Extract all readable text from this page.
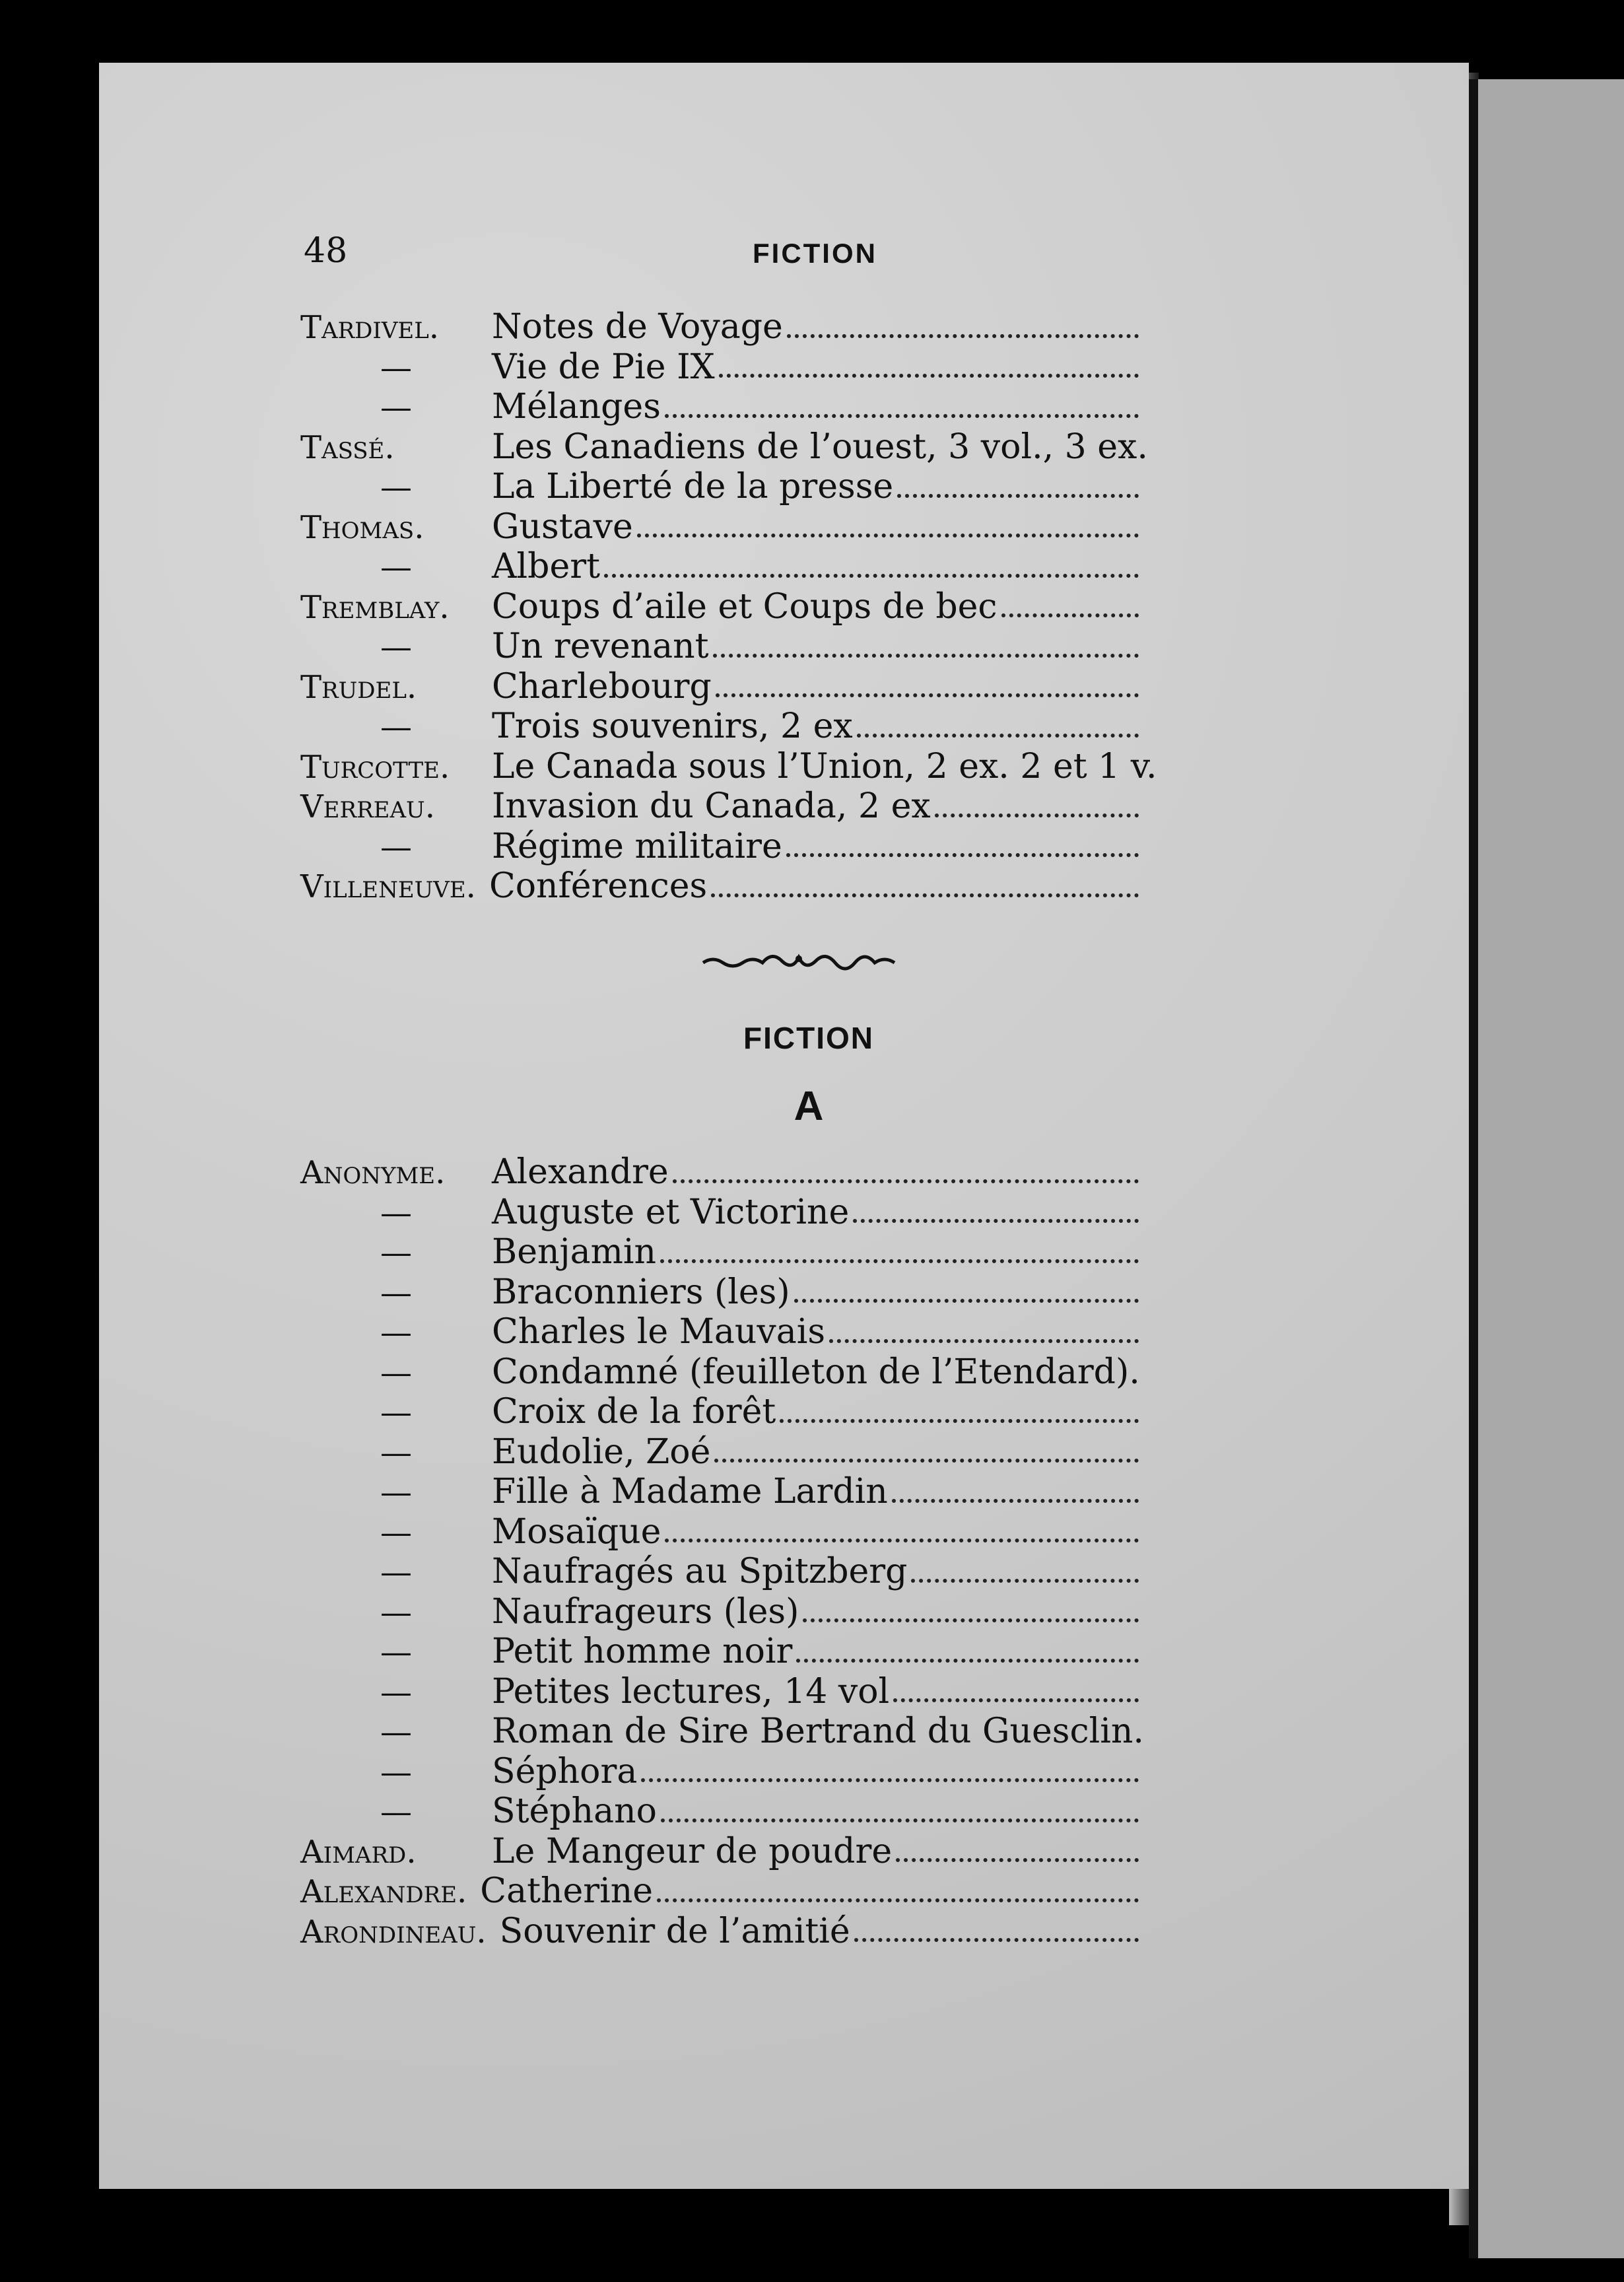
48	FICTION
Tardivel.	Notes de Voyage
—	Vie de Pie IX
—	Mélanges
Tassé.	Les Canadiens de l’ouest, 3 vol., 3 ex.
—	La Liberté de la presse
Thomas.	Gustave
—	Albert
Tremblay.	Coups d’aile et Coups de bec
—	Un revenant
Trudel.	Charlebourg
—	Trois souvenirs, 2 ex
Turcotte.	Le Canada sous l’Union, 2 ex. 2 et 1 v.
Verreau.	Invasion du Canada, 2 ex
—	Régime militaire
Villeneuve. Conférences
FICTION
A
Anonyme.	Alexandre
—	Auguste et Victorine
—	Benjamin
—	Braconniers (les)
—	Charles le Mauvais
—	Condamné (feuilleton de l’Etendard).
—	Croix de la forêt
—	Eudolie, Zoé
—	Fille à Madame Lardin
—	Mosaïque
—	Naufragés au Spitzberg
—	Naufrageurs (les)
—	Petit homme noir
—	Petites lectures, 14 vol
—	Roman de Sire Bertrand du Guesclin.
—	Séphora
—	Stéphano
Aimard.	Le Mangeur de poudre
Alexandre. Catherine
Arondineau. Souvenir de l’amitié
